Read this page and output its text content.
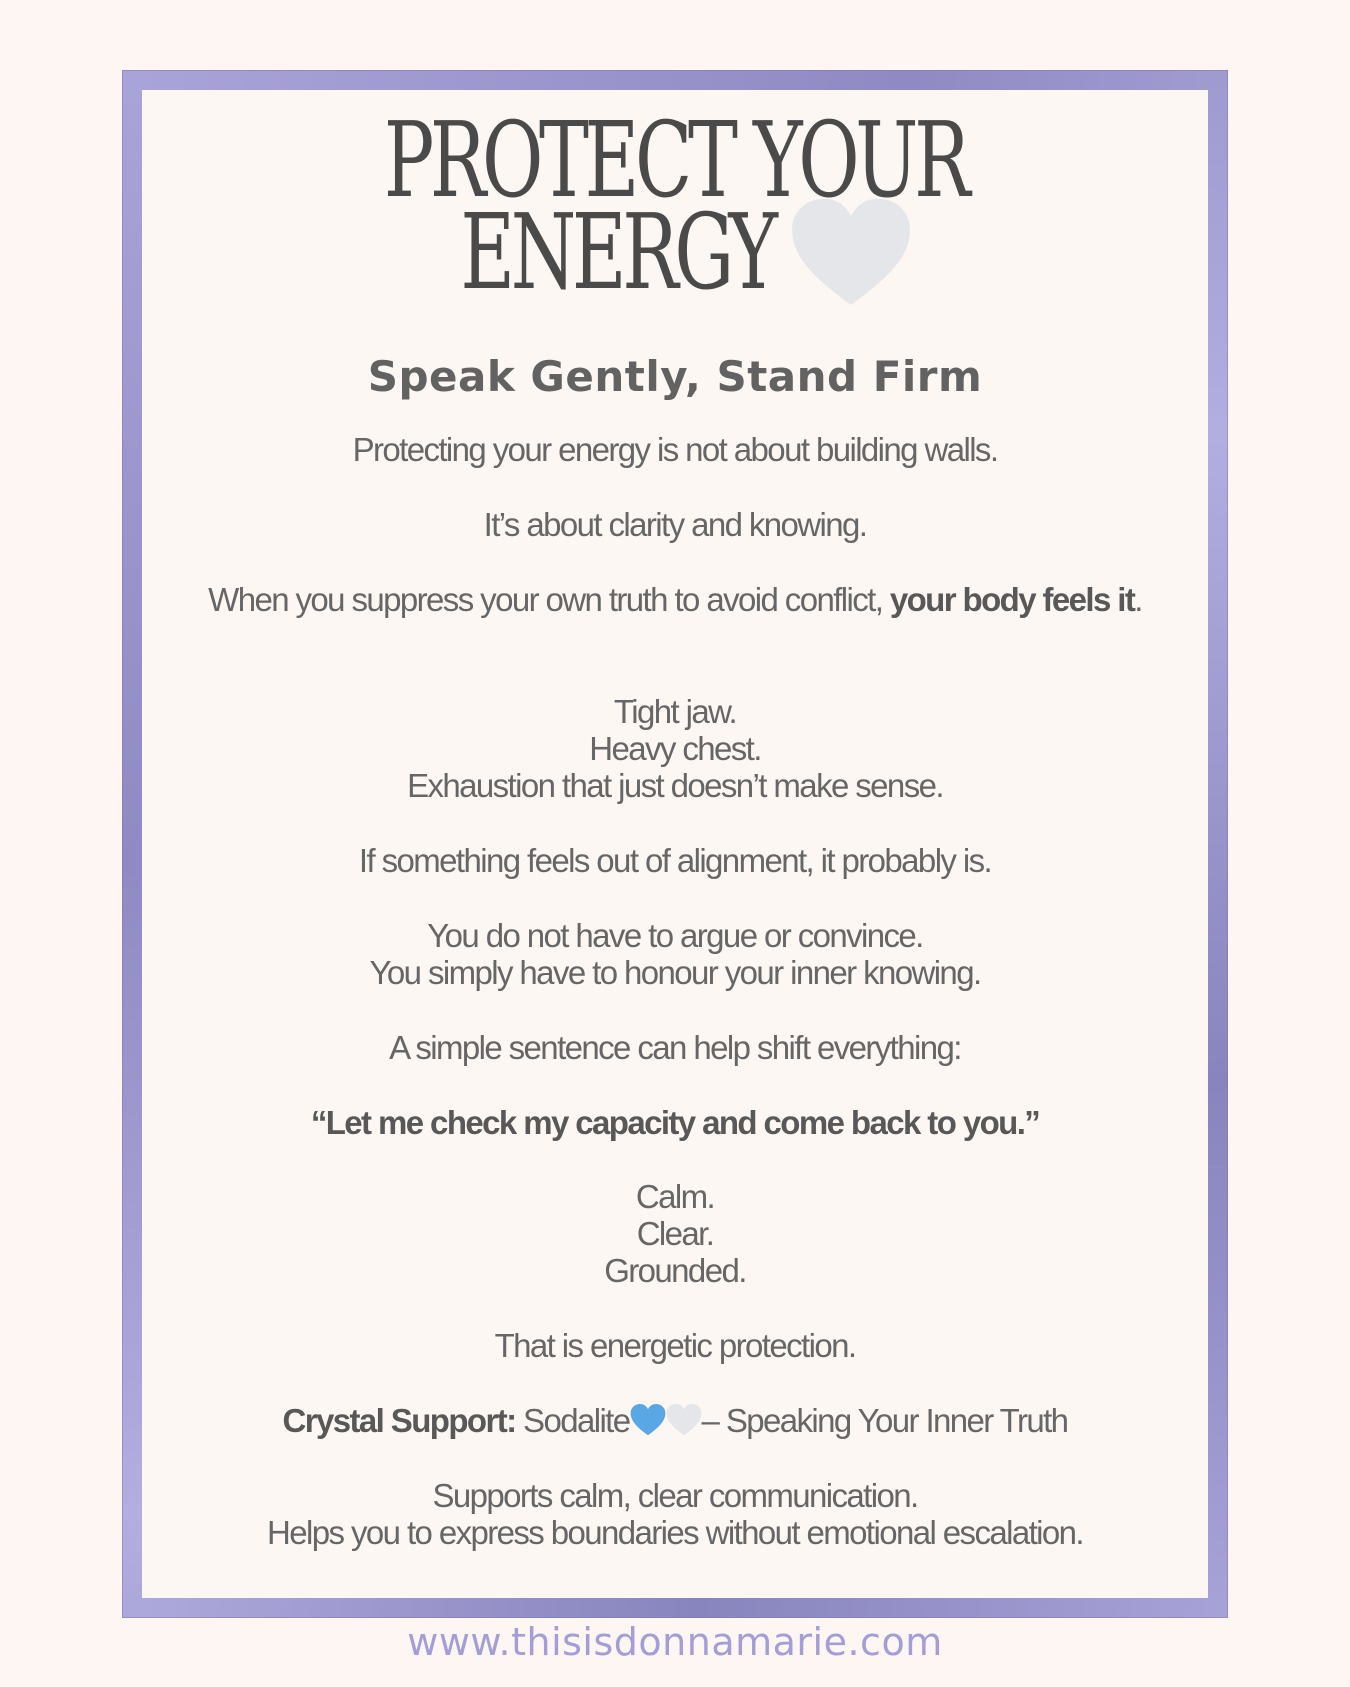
PROTECT YOUR
ENERGY
Speak Gently, Stand Firm
Protecting your energy is not about building walls.
It’s about clarity and knowing.
When you suppress your own truth to avoid conflict, your body feels it.
Tight jaw.
Heavy chest.
Exhaustion that just doesn’t make sense.
If something feels out of alignment, it probably is.
You do not have to argue or convince.
You simply have to honour your inner knowing.
A simple sentence can help shift everything:
“Let me check my capacity and come back to you.”
Calm.
Clear.
Grounded.
That is energetic protection.
Crystal Support: Sodalite – Speaking Your Inner Truth
Supports calm, clear communication.
Helps you to express boundaries without emotional escalation.
www.thisisdonnamarie.com
